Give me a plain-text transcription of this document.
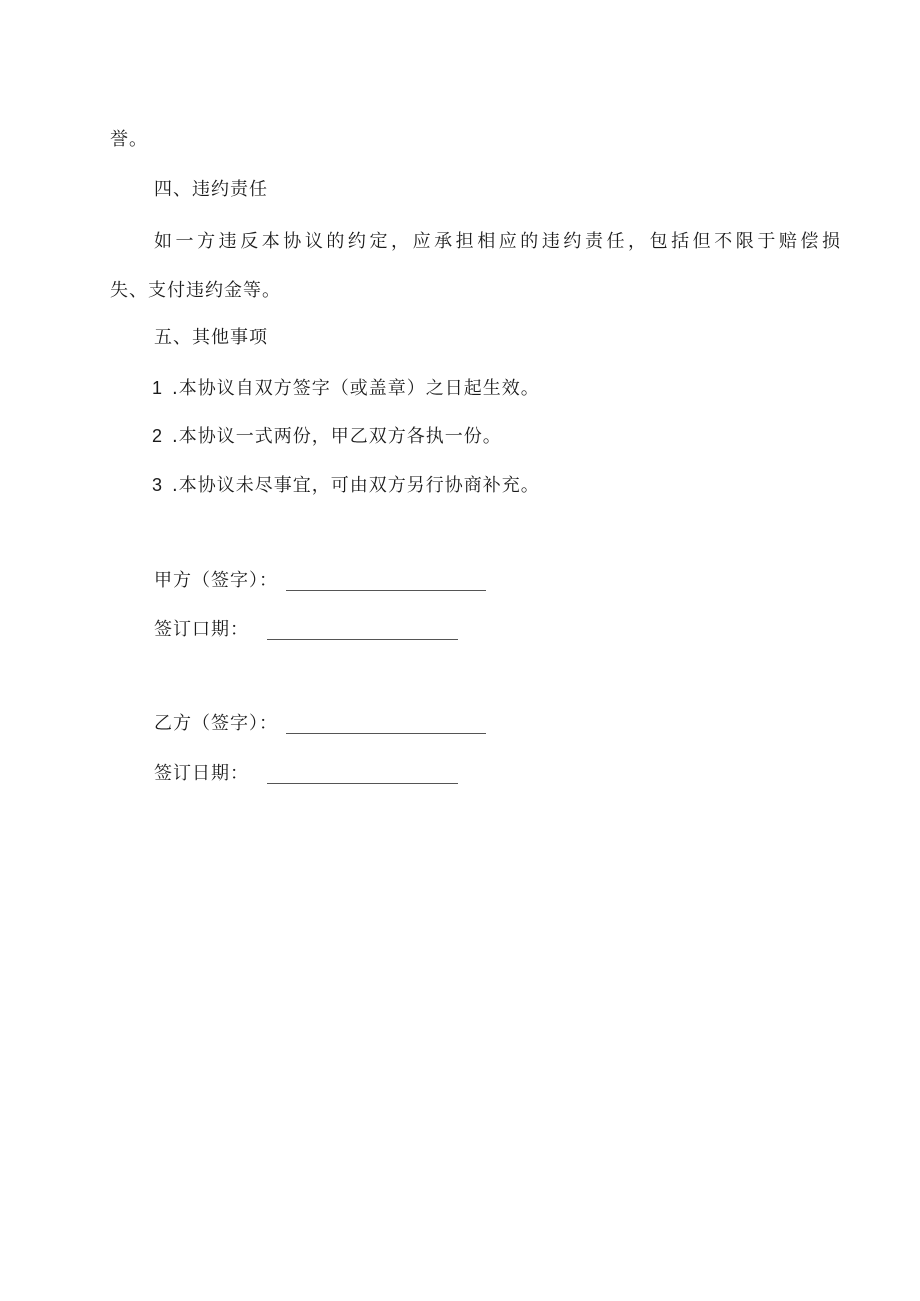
誉。
四、违约责任
如 一 方 违 反 本 协 议 的 约 定 ， 应 承 担 相 应 的 违 约 责 任 ， 包 括 但 不 限 于 赔 偿 损
失、支付违约金等。
五、其他事项
1 .本协议自双方签字（或盖章）之日起生效。
2 .本协议一式两份，甲乙双方各执一份。
3 .本协议未尽事宜，可由双方另行协商补充。
甲方（签字）：
签订口期：
乙方（签字）：
签订日期：
